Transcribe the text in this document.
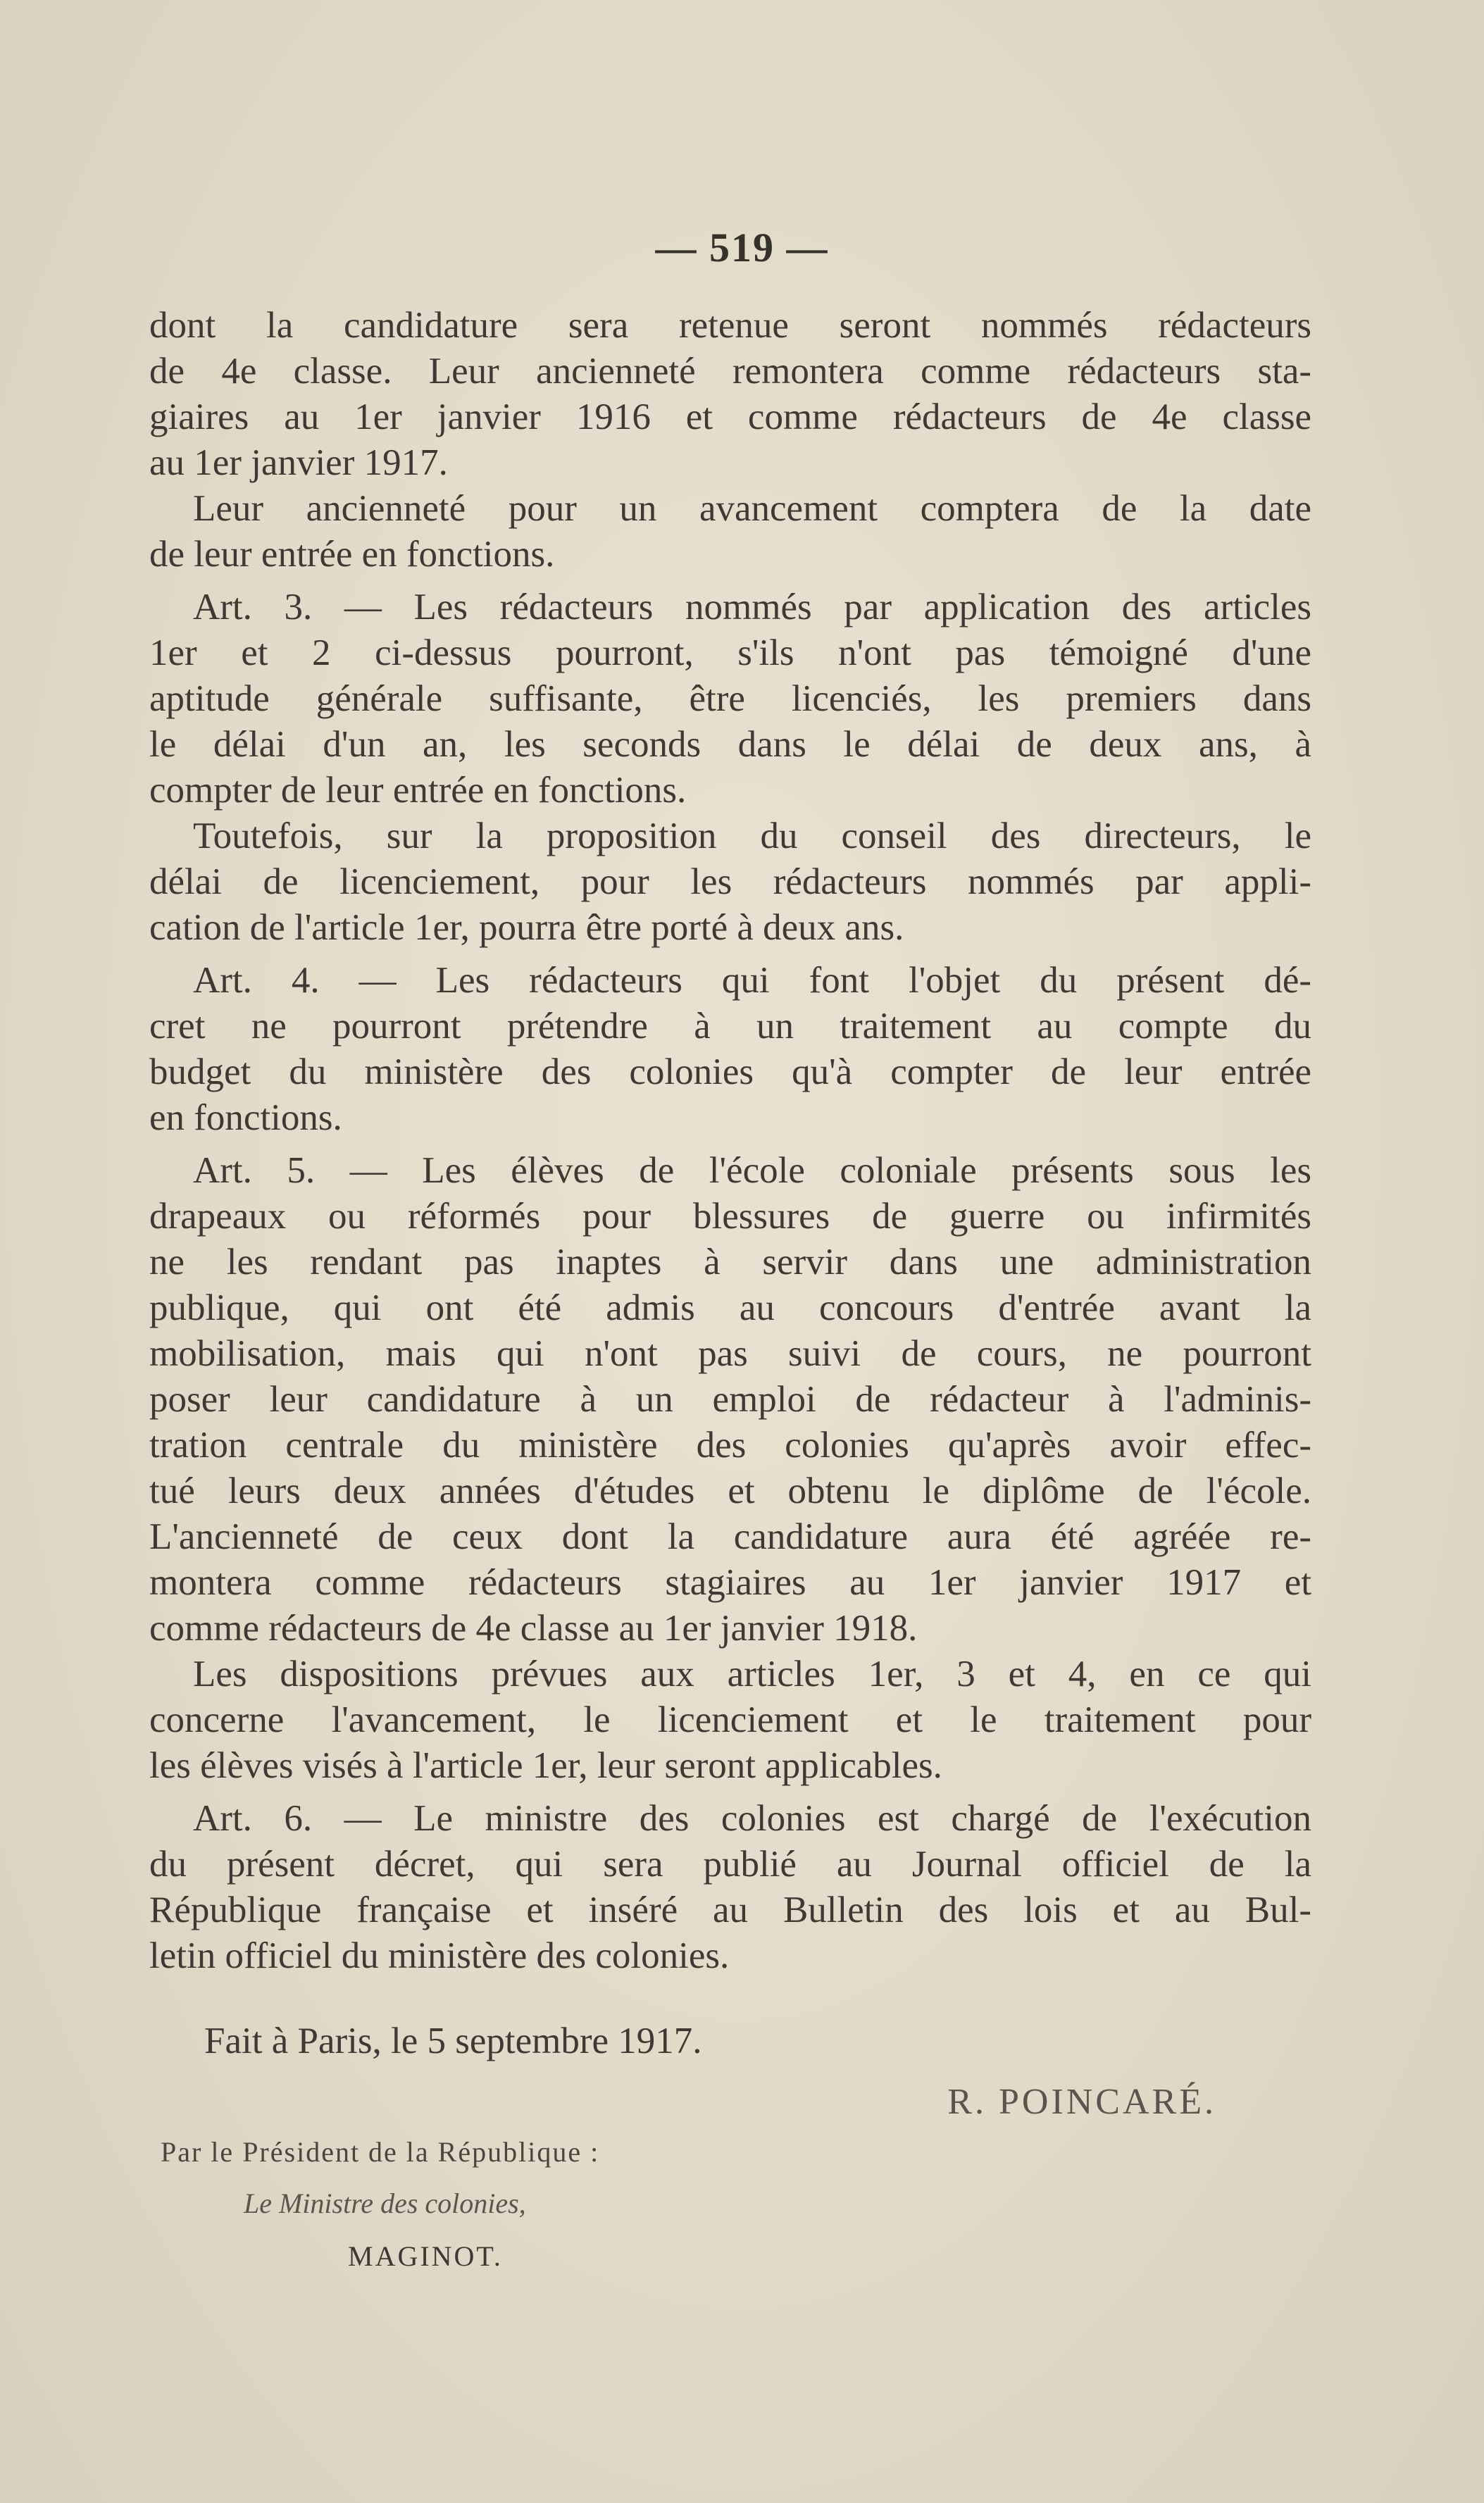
— 519 —
dont la candidature sera retenue seront nommés rédacteurs
de 4e classe. Leur ancienneté remontera comme rédacteurs sta-
giaires au 1er janvier 1916 et comme rédacteurs de 4e classe
au 1er janvier 1917.
Leur ancienneté pour un avancement comptera de la date
de leur entrée en fonctions.
Art. 3. — Les rédacteurs nommés par application des articles
1er et 2 ci-dessus pourront, s'ils n'ont pas témoigné d'une
aptitude générale suffisante, être licenciés, les premiers dans
le délai d'un an, les seconds dans le délai de deux ans, à
compter de leur entrée en fonctions.
Toutefois, sur la proposition du conseil des directeurs, le
délai de licenciement, pour les rédacteurs nommés par appli-
cation de l'article 1er, pourra être porté à deux ans.
Art. 4. — Les rédacteurs qui font l'objet du présent dé-
cret ne pourront prétendre à un traitement au compte du
budget du ministère des colonies qu'à compter de leur entrée
en fonctions.
Art. 5. — Les élèves de l'école coloniale présents sous les
drapeaux ou réformés pour blessures de guerre ou infirmités
ne les rendant pas inaptes à servir dans une administration
publique, qui ont été admis au concours d'entrée avant la
mobilisation, mais qui n'ont pas suivi de cours, ne pourront
poser leur candidature à un emploi de rédacteur à l'adminis-
tration centrale du ministère des colonies qu'après avoir effec-
tué leurs deux années d'études et obtenu le diplôme de l'école.
L'ancienneté de ceux dont la candidature aura été agréée re-
montera comme rédacteurs stagiaires au 1er janvier 1917 et
comme rédacteurs de 4e classe au 1er janvier 1918.
Les dispositions prévues aux articles 1er, 3 et 4, en ce qui
concerne l'avancement, le licenciement et le traitement pour
les élèves visés à l'article 1er, leur seront applicables.
Art. 6. — Le ministre des colonies est chargé de l'exécution
du présent décret, qui sera publié au Journal officiel de la
République française et inséré au Bulletin des lois et au Bul-
letin officiel du ministère des colonies.
Fait à Paris, le 5 septembre 1917.
R. POINCARÉ.
Par le Président de la République :
Le Ministre des colonies,
MAGINOT.
